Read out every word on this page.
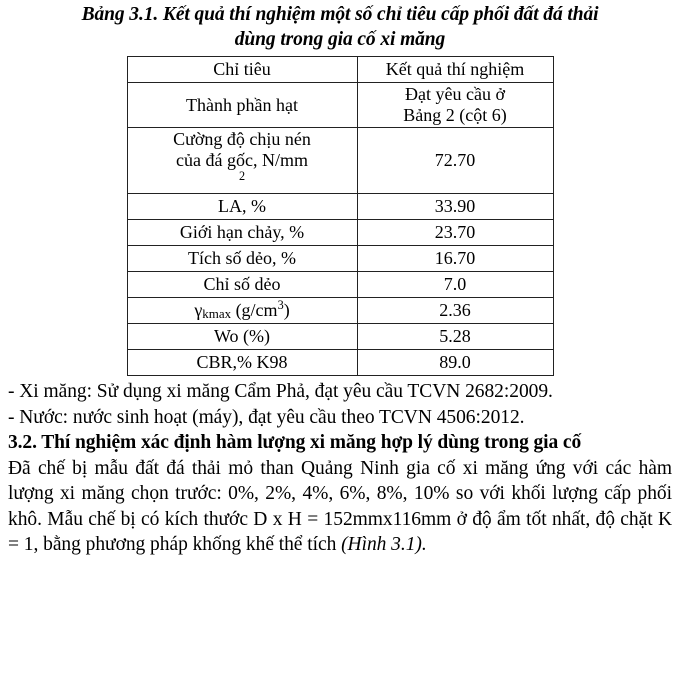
Bảng 3.1. Kết quả thí nghiệm một số chỉ tiêu cấp phối đất đá thải
dùng trong gia cố xi măng
Chỉ tiêu	Kết quả thí nghiệm
Thành phần hạt	Đạt yêu cầu ở
Bảng 2 (cột 6)

Cường độ chịu nén
của đá gốc, N/mm
$^2$	72.70
LA, %	33.90
Giới hạn chảy, %	23.70
Tích số dẻo, %	16.70
Chỉ số dẻo	7.0
$\gamma_{kmax}$ $(g/cm^3)$	2.36
Wo (%)	5.28
CBR,% K98	89.0

- Xi măng: Sử dụng xi măng Cẩm Phả, đạt yêu cầu TCVN 2682:2009.

- Nước: nước sinh hoạt (máy), đạt yêu cầu theo TCVN 4506:2012.

3.2. Thí nghiệm xác định hàm lượng xi măng hợp lý dùng trong gia cố

Đã chế bị mẫu đất đá thải mỏ than Quảng Ninh gia cố xi măng ứng với các hàm lượng xi măng chọn trước: 0%, 2%, 4%, 6%, 8%, 10% so với khối lượng cấp phối khô. Mẫu chế bị có kích thước D x H = 152mmx116mm ở độ ẩm tốt nhất, độ chặt K = 1, bằng phương pháp khống khế thể tích (Hình 3.1).
